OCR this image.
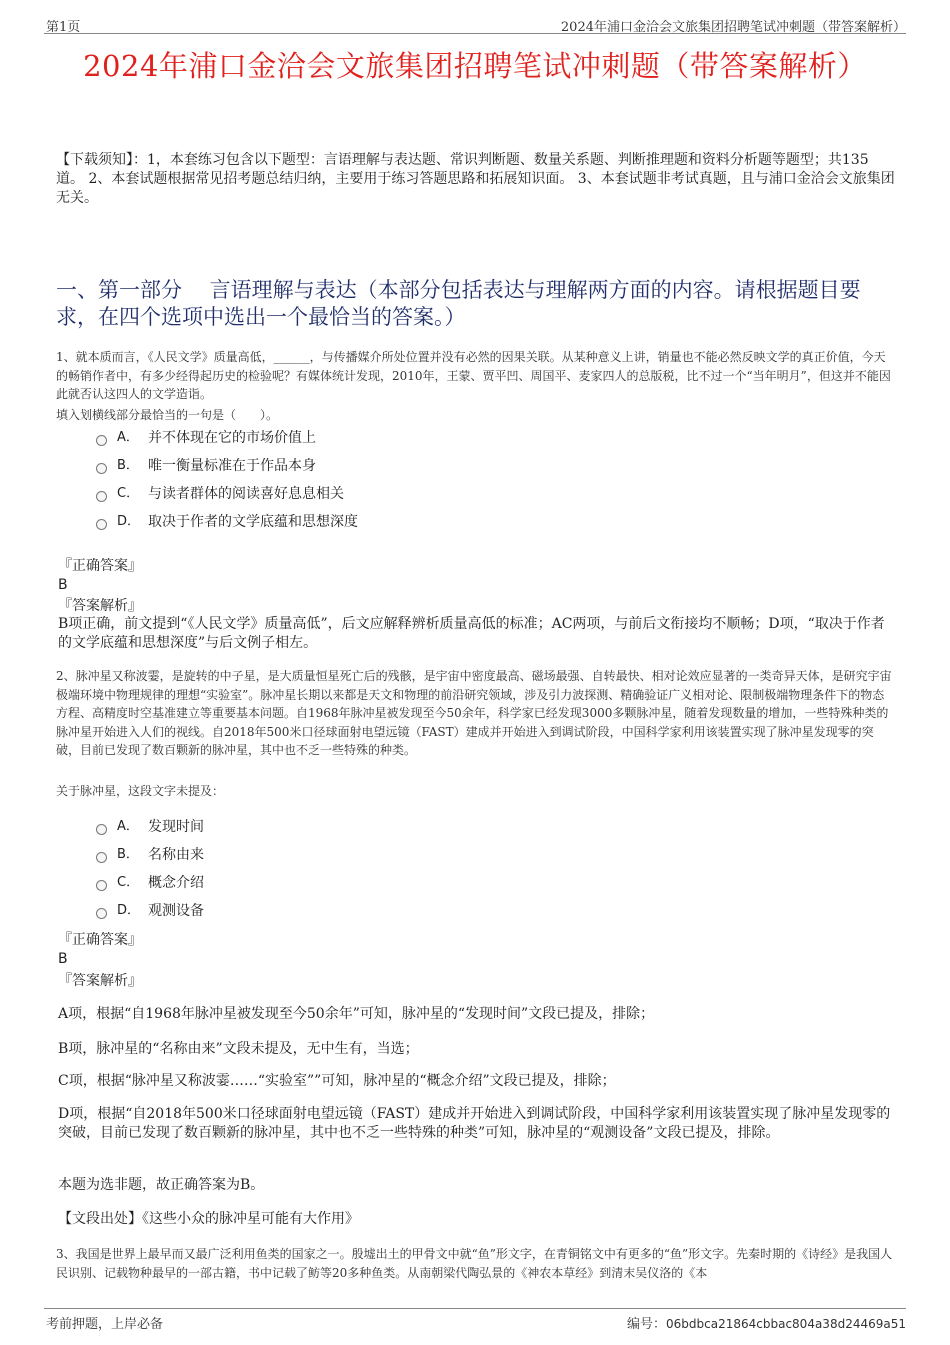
第1页	2024年浦口金洽会文旅集团招聘笔试冲刺题（带答案解析）
2024年浦口金洽会文旅集团招聘笔试冲刺题（带答案解析）
【下载须知】：1，本套练习包含以下题型：言语理解与表达题、常识判断题、数量关系题、判断推理题和资料分析题等题型；共135道。 2、本套试题根据常见招考题总结归纳，主要用于练习答题思路和拓展知识面。 3、本套试题非考试真题，且与浦口金洽会文旅集团无关。
一、第一部分　 言语理解与表达（本部分包括表达与理解两方面的内容。请根据题目要求，在四个选项中选出一个最恰当的答案。）
1、就本质而言，《人民文学》质量高低，______，与传播媒介所处位置并没有必然的因果关联。从某种意义上讲，销量也不能必然反映文学的真正价值，今天的畅销作者中，有多少经得起历史的检验呢？有媒体统计发现，2010年，王蒙、贾平凹、周国平、麦家四人的总版税，比不过一个“当年明月”，但这并不能因此就否认这四人的文学造诣。
填入划横线部分最恰当的一句是（　　）。
A． 并不体现在它的市场价值上
B． 唯一衡量标准在于作品本身
C． 与读者群体的阅读喜好息息相关
D． 取决于作者的文学底蕴和思想深度
『正确答案』
B
『答案解析』
B项正确，前文提到“《人民文学》质量高低”，后文应解释辨析质量高低的标准；AC两项，与前后文衔接均不顺畅；D项，“取决于作者的文学底蕴和思想深度”与后文例子相左。
2、脉冲星又称波霎，是旋转的中子星，是大质量恒星死亡后的残骸，是宇宙中密度最高、磁场最强、自转最快、相对论效应显著的一类奇异天体，是研究宇宙极端环境中物理规律的理想“实验室”。脉冲星长期以来都是天文和物理的前沿研究领域，涉及引力波探测、精确验证广义相对论、限制极端物理条件下的物态方程、高精度时空基准建立等重要基本问题。自1968年脉冲星被发现至今50余年，科学家已经发现3000多颗脉冲星，随着发现数量的增加，一些特殊种类的脉冲星开始进入人们的视线。自2018年500米口径球面射电望远镜（FAST）建成并开始进入到调试阶段，中国科学家利用该装置实现了脉冲星发现零的突破，目前已发现了数百颗新的脉冲星，其中也不乏一些特殊的种类。
关于脉冲星，这段文字未提及：
A． 发现时间
B． 名称由来
C． 概念介绍
D． 观测设备
『正确答案』
B
『答案解析』
A项，根据“自1968年脉冲星被发现至今50余年”可知，脉冲星的“发现时间”文段已提及，排除；
B项，脉冲星的“名称由来”文段未提及，无中生有，当选；
C项，根据“脉冲星又称波霎……“实验室””可知，脉冲星的“概念介绍”文段已提及，排除；
D项，根据“自2018年500米口径球面射电望远镜（FAST）建成并开始进入到调试阶段，中国科学家利用该装置实现了脉冲星发现零的突破，目前已发现了数百颗新的脉冲星，其中也不乏一些特殊的种类”可知，脉冲星的“观测设备”文段已提及，排除。
本题为选非题，故正确答案为B。
【文段出处】《这些小众的脉冲星可能有大作用》
3、我国是世界上最早而又最广泛利用鱼类的国家之一。殷墟出土的甲骨文中就“鱼”形文字，在青铜铭文中有更多的“鱼”形文字。先秦时期的《诗经》是我国人民识别、记载物种最早的一部古籍，书中记载了鲂等20多种鱼类。从南朝梁代陶弘景的《神农本草经》到清末吴仪洛的《本
考前押题，上岸必备	编号：06bdbca21864cbbac804a38d24469a51
